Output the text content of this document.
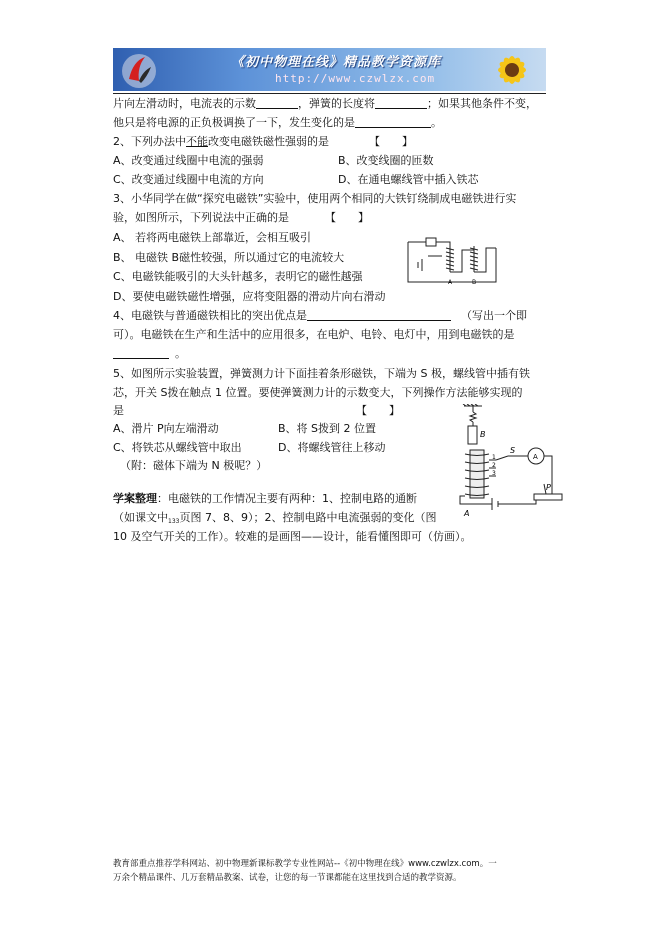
《初中物理在线》精品教学资源库
http://www.czwlzx.com
片向左滑动时，电流表的示数	，弹簧的长度将	；如果其他条件不变，
他只是将电源的正负极调换了一下，发生变化的是	。
2、下列办法中不能改变电磁铁磁性强弱的是	【　　】
A、改变通过线圈中电流的强弱	B、改变线圈的匝数
C、改变通过线圈中电流的方向	D、在通电螺线管中插入铁芯
3、小华同学在做“探究电磁铁”实验中，使用两个相同的大铁钉绕制成电磁铁进行实
验，如图所示，下列说法中正确的是	【　　】
A、 若将两电磁铁上部靠近，会相互吸引
B、 电磁铁 B磁性较强，所以通过它的电流较大
C、电磁铁能吸引的大头针越多，表明它的磁性越强
D、要使电磁铁磁性增强，应将变阻器的滑动片向右滑动
A	B
4、电磁铁与普通磁铁相比的突出优点是	（写出一个即
可）。电磁铁在生产和生活中的应用很多，在电炉、电铃、电灯中，用到电磁铁的是
。
5、如图所示实验装置，弹簧测力计下面挂着条形磁铁，下端为 S 极，螺线管中插有铁
芯，开关 S拨在触点 1 位置。要使弹簧测力计的示数变大，下列操作方法能够实现的
是	【　　】
A、滑片 P向左端滑动	B、将 S拨到 2 位置
C、将铁芯从螺线管中取出	D、将螺线管往上移动
（附：磁体下端为 N 极呢？）
B
1
2
3
S
A
P
A
学案整理：电磁铁的工作情况主要有两种：1、控制电路的通断
（如课文中$_{133}$页图 7、8、9）；2、控制电路中电流强弱的变化（图
10 及空气开关的工作）。较难的是画图——设计，能看懂图即可（仿画）。
教育部重点推荐学科网站、初中物理新课标教学专业性网站--《初中物理在线》www.czwlzx.com。一
万余个精品课件、几万套精品教案、试卷，让您的每一节课都能在这里找到合适的教学资源。
